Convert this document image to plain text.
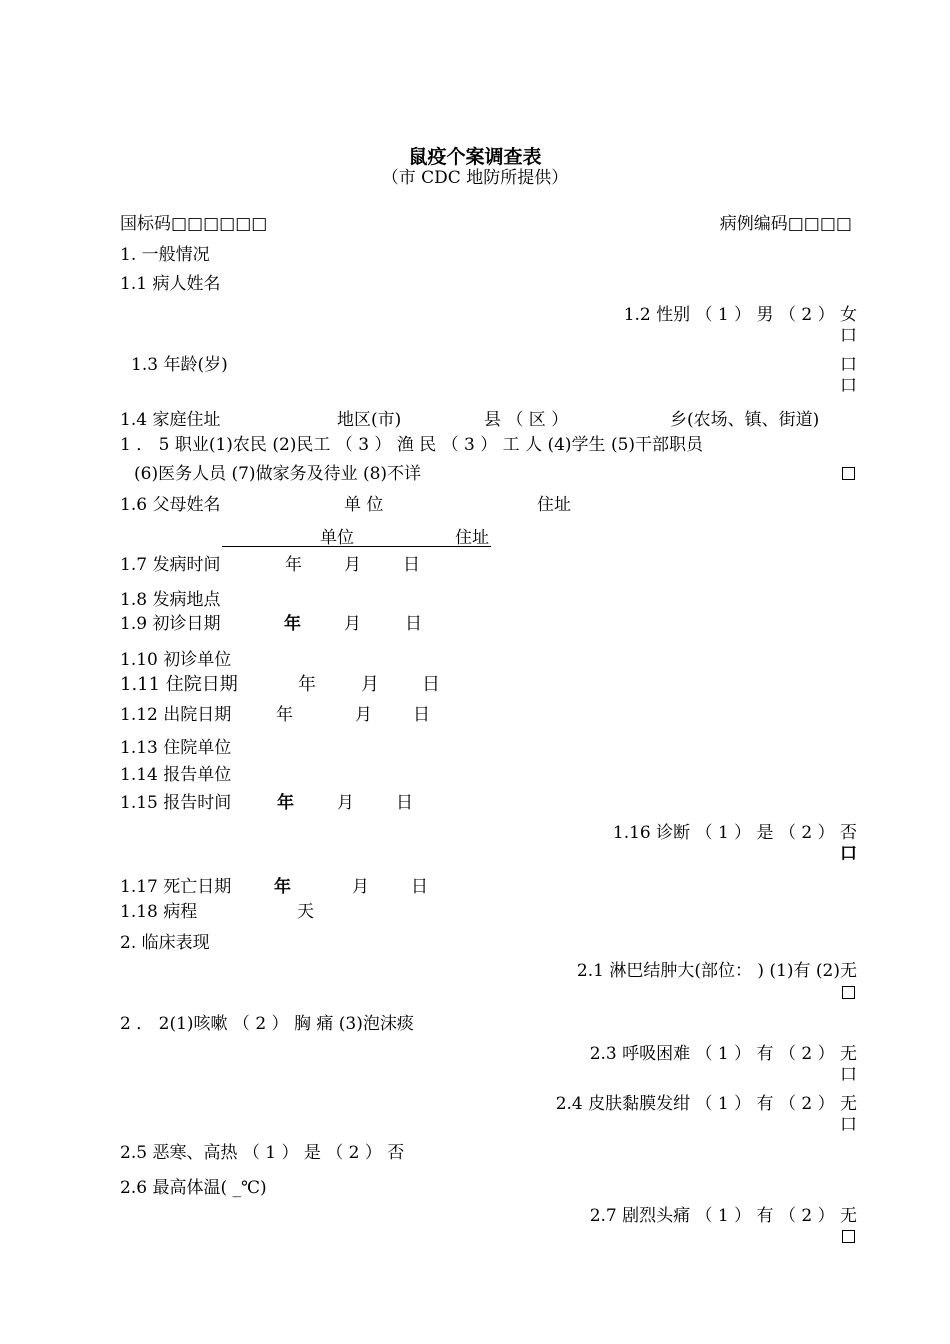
鼠疫个案调查表
（市 CDC 地防所提供）
国标码□□□□□□	病例编码□□□□
1. 一般情况
1.1 病人姓名
1.2 性别 （ 1 ） 男 （ 2 ） 女
口
1.3 年龄(岁)	口
口
1.4 家庭住址	地区(市)	县 （ 区 ）	乡(农场、镇、街道)
1 ． 5 职业(1)农民 (2)民工 （ 3 ） 渔 民 （ 3 ） 工 人 (4)学生 (5)干部职员
(6)医务人员 (7)做家务及待业 (8)不详
1.6 父母姓名	单 位	住址
单位	住址
1.7 发病时间	年 月 日
1.8 发病地点
1.9 初诊日期	年	月	日
1.10 初诊单位
1.11 住院日期	年	月 日
1.12 出院日期	年	月 日
1.13 住院单位
1.14 报告单位
1.15 报告时间	年	月 日
1.16 诊断 （ 1 ） 是 （ 2 ） 否
口
1.17 死亡日期	年	月 日
1.18 病程	天
2. 临床表现
2.1 淋巴结肿大(部位： ) (1)有 (2)无
2 ． 2(1)咳嗽 （ 2 ） 胸 痛 (3)泡沫痰
2.3 呼吸困难 （ 1 ） 有 （ 2 ） 无
口
2.4 皮肤黏膜发绀 （ 1 ） 有 （ 2 ） 无
口
2.5 恶寒、高热 （ 1 ） 是 （ 2 ） 否
2.6 最高体温( _℃)
2.7 剧烈头痛 （ 1 ） 有 （ 2 ） 无
